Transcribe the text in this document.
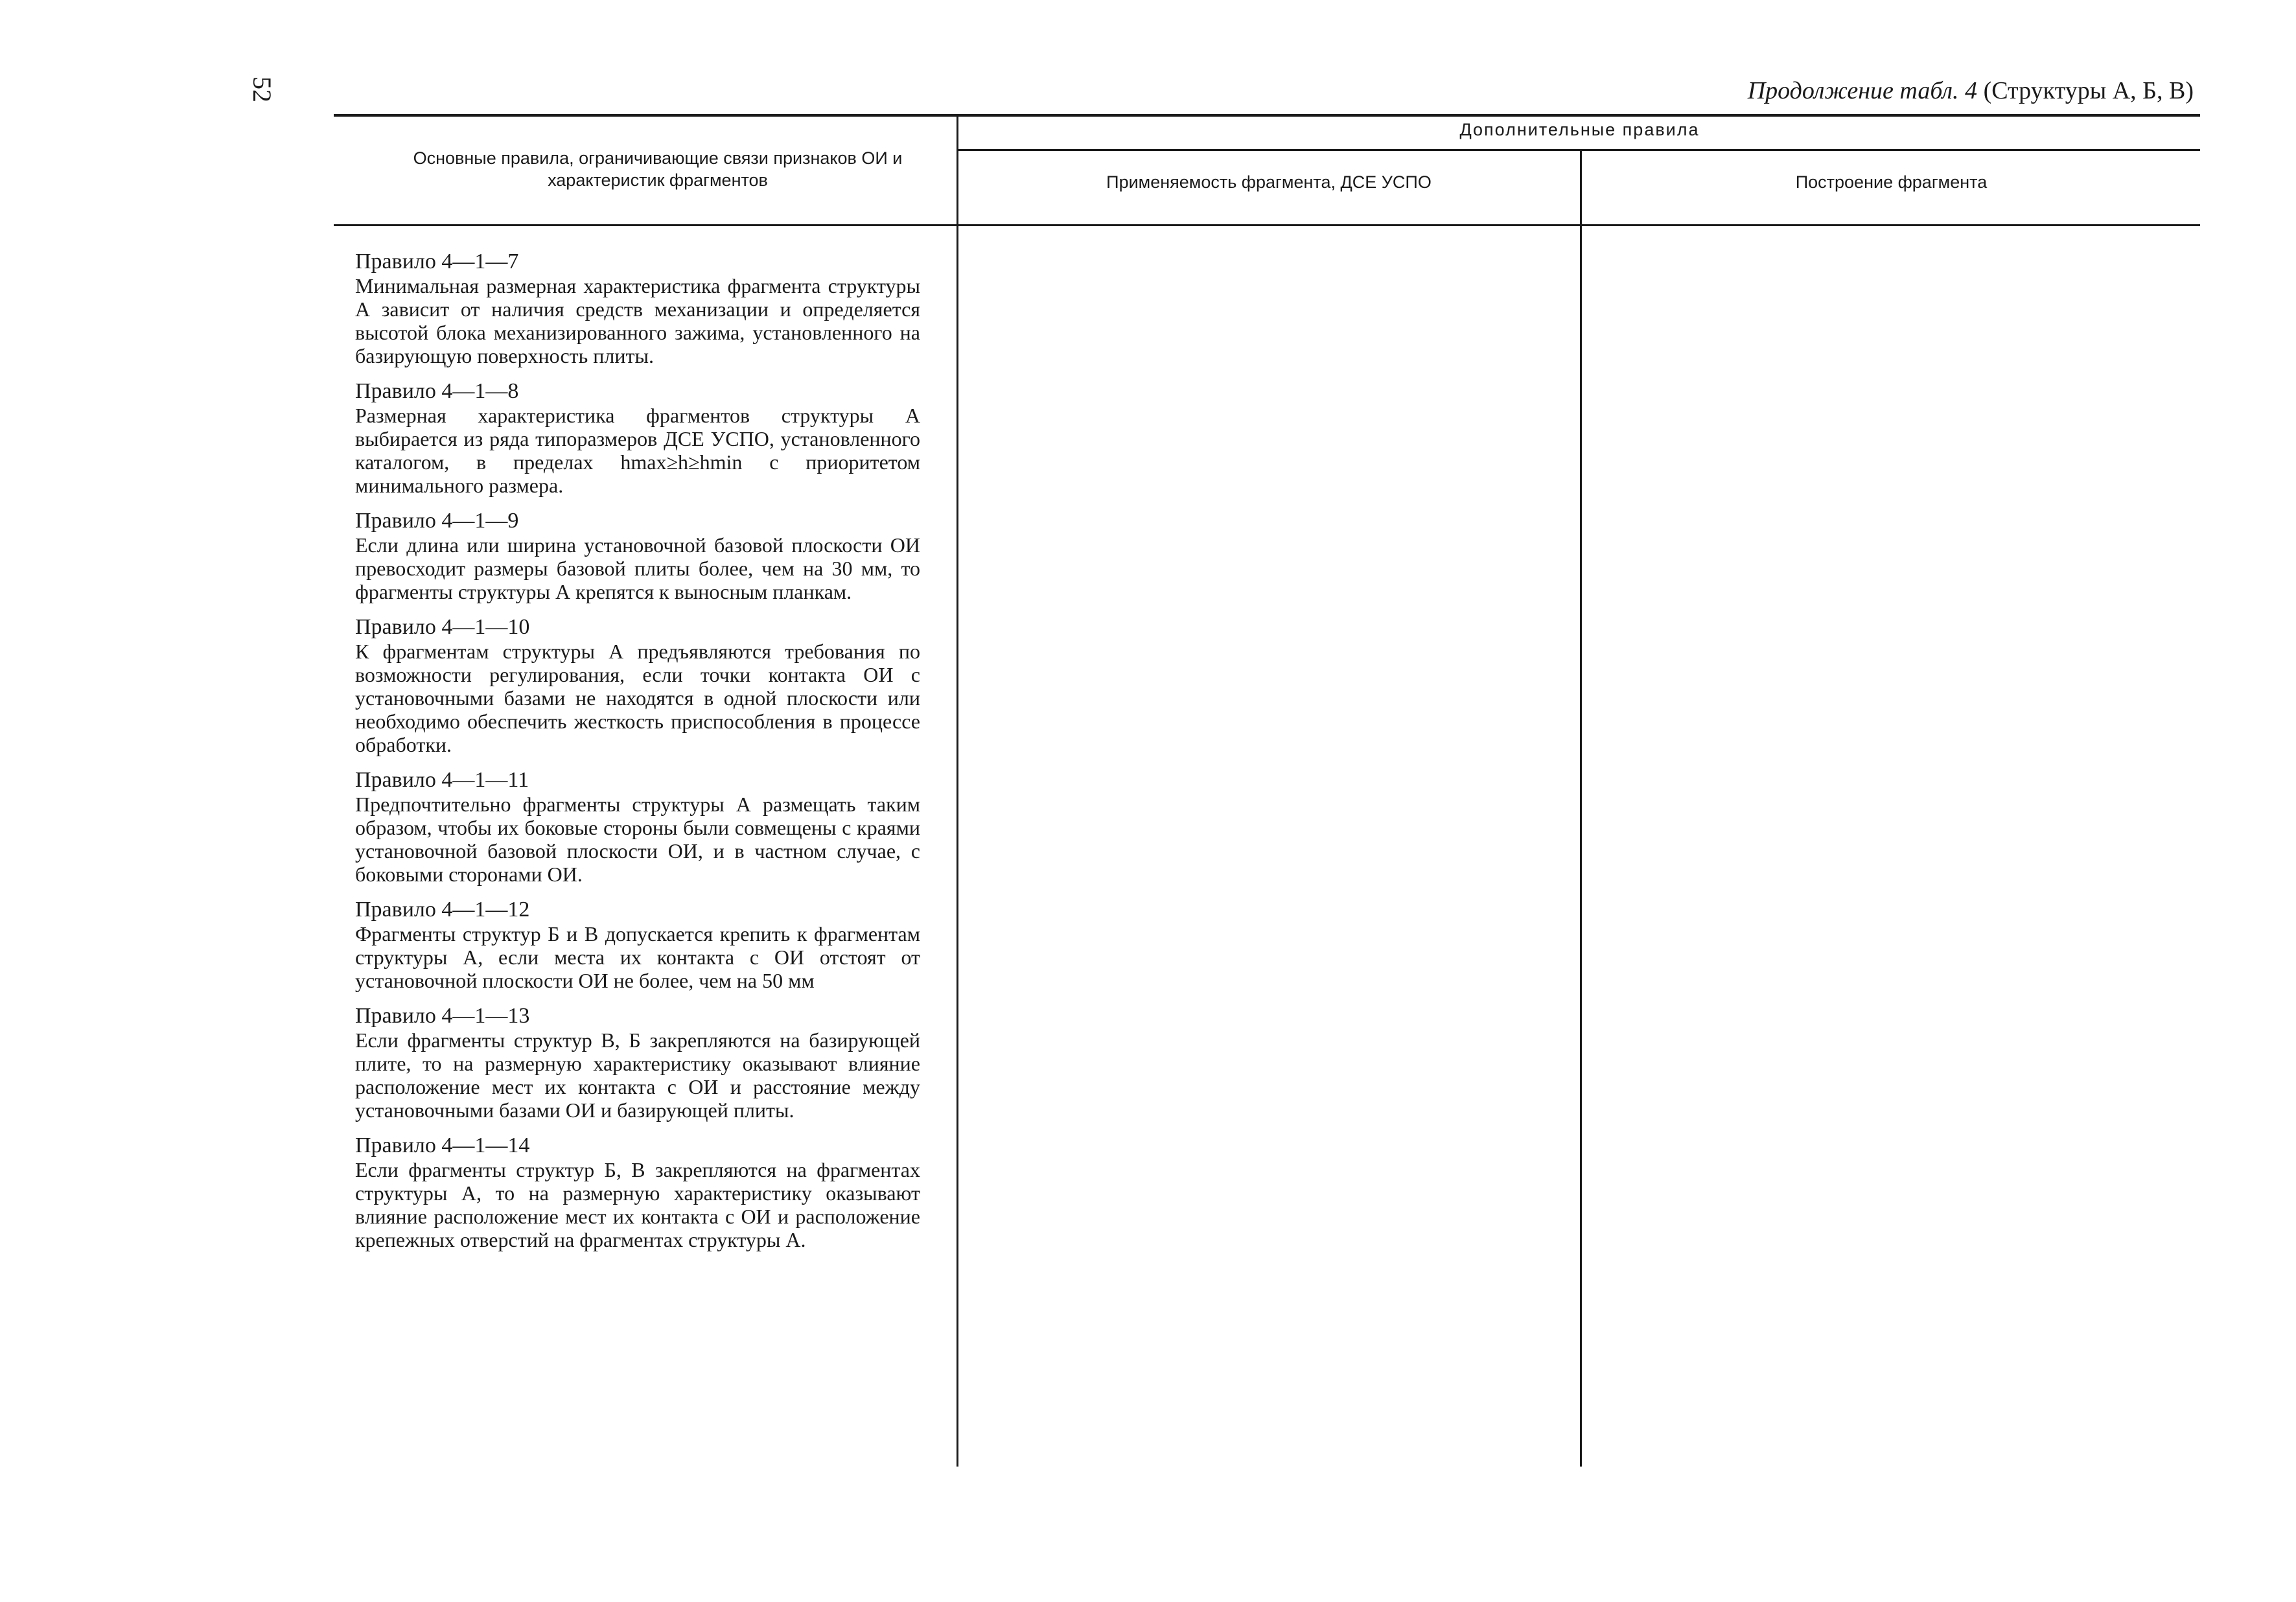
52	Продолжение табл. 4 (Структуры А, Б, В)
Основные правила, ограничивающие связи признаков ОИ и характеристик фрагментов
Дополнительные правила
Применяемость фрагмента, ДСЕ УСПО	Построение фрагмента
Правило 4—1—7
Минимальная размерная характеристика фрагмента структуры А зависит от наличия средств механизации и определяется высотой блока механизированного зажима, установленного на базирующую поверхность плиты.
Правило 4—1—8
Размерная характеристика фрагментов структуры А выбирается из ряда типоразмеров ДСЕ УСПО, установленного каталогом, в пределах hmax≥h≥hmin с приоритетом минимального размера.
Правило 4—1—9
Если длина или ширина установочной базовой плоскости ОИ превосходит размеры базовой плиты более, чем на 30 мм, то фрагменты структуры А крепятся к выносным планкам.
Правило 4—1—10
К фрагментам структуры А предъявляются требования по возможности регулирования, если точки контакта ОИ с установочными базами не находятся в одной плоскости или необходимо обеспечить жесткость приспособления в процессе обработки.
Правило 4—1—11
Предпочтительно фрагменты структуры А размещать таким образом, чтобы их боковые стороны были совмещены с краями установочной базовой плоскости ОИ, и в частном случае, с боковыми сторонами ОИ.
Правило 4—1—12
Фрагменты структур Б и В допускается крепить к фрагментам структуры А, если места их контакта с ОИ отстоят от установочной плоскости ОИ не более, чем на 50 мм
Правило 4—1—13
Если фрагменты структур В, Б закрепляются на базирующей плите, то на размерную характеристику оказывают влияние расположение мест их контакта с ОИ и расстояние между установочными базами ОИ и базирующей плиты.
Правило 4—1—14
Если фрагменты структур Б, В закрепляются на фрагментах структуры А, то на размерную характеристику оказывают влияние расположение мест их контакта с ОИ и расположение крепежных отверстий на фрагментах структуры А.
